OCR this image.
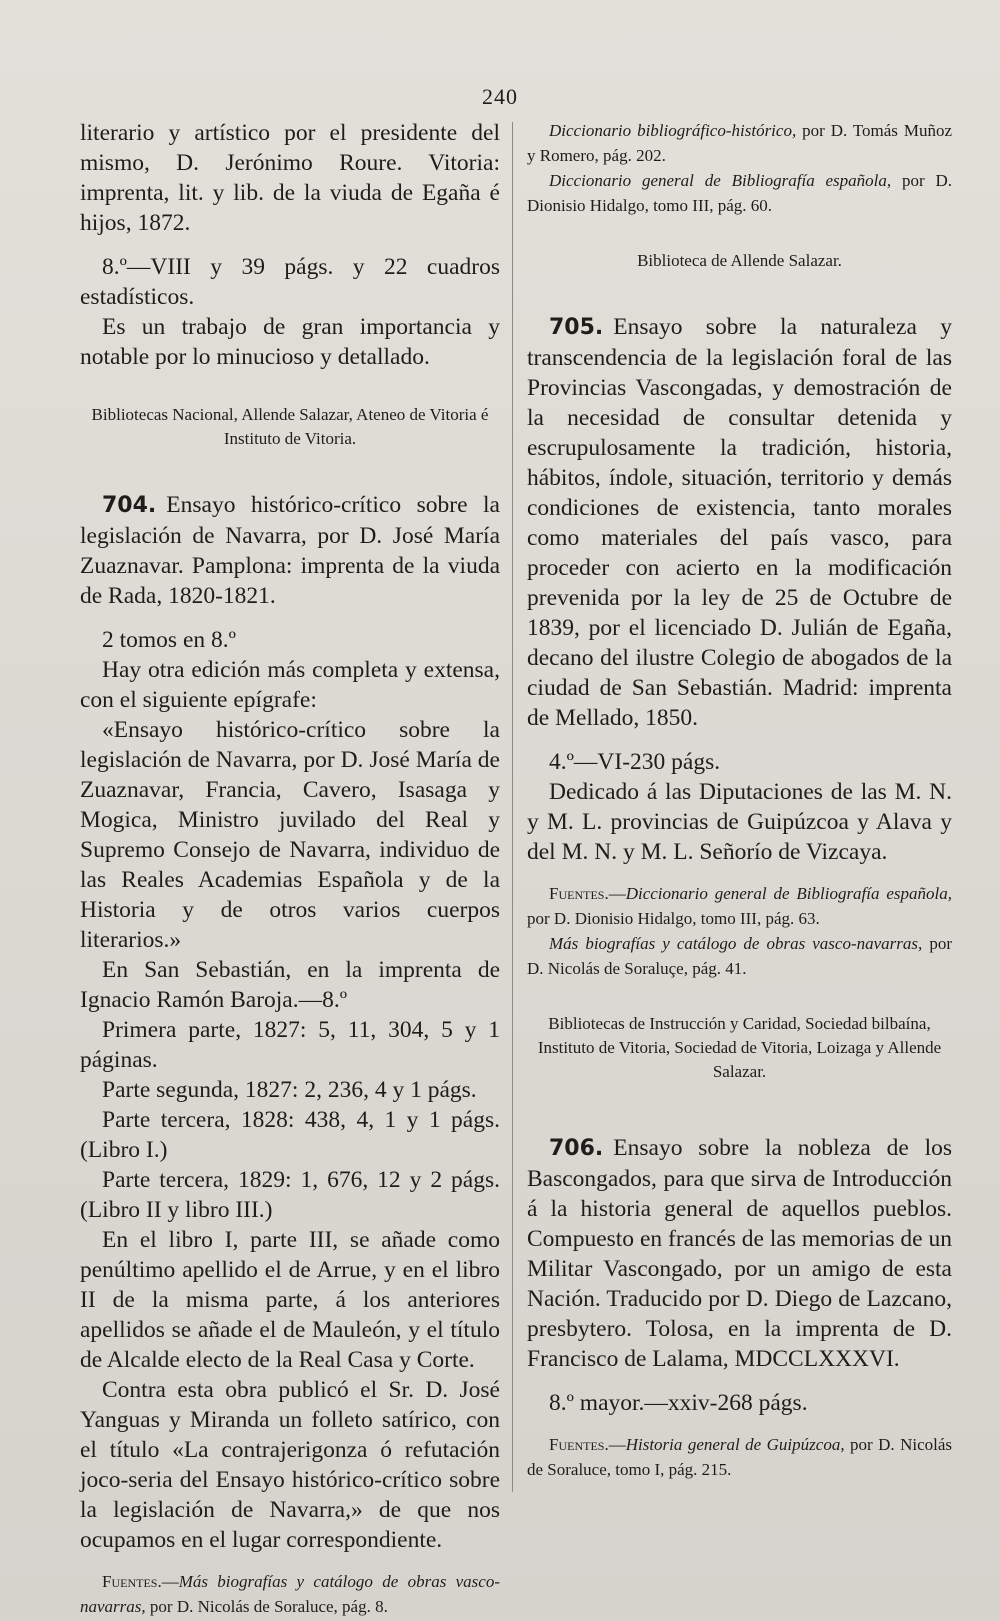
240

literario y artístico por el presidente del mismo, D. Jerónimo Roure. Vitoria: imprenta, lit. y lib. de la viuda de Egaña é hijos, 1872.

8.º—VIII y 39 págs. y 22 cuadros estadísticos.

Es un trabajo de gran importancia y notable por lo minucioso y detallado.

Bibliotecas Nacional, Allende Salazar, Ateneo de Vitoria é Instituto de Vitoria.

704. Ensayo histórico-crítico sobre la legislación de Navarra, por D. José María Zuaznavar. Pamplona: imprenta de la viuda de Rada, 1820-1821.

2 tomos en 8.º

Hay otra edición más completa y extensa, con el siguiente epígrafe:

«Ensayo histórico-crítico sobre la legislación de Navarra, por D. José María de Zuaznavar, Francia, Cavero, Isasaga y Mogica, Ministro juvilado del Real y Supremo Consejo de Navarra, individuo de las Reales Academias Española y de la Historia y de otros varios cuerpos literarios.»

En San Sebastián, en la imprenta de Ignacio Ramón Baroja.—8.º

Primera parte, 1827: 5, 11, 304, 5 y 1 páginas.

Parte segunda, 1827: 2, 236, 4 y 1 págs.

Parte tercera, 1828: 438, 4, 1 y 1 págs. (Libro I.)

Parte tercera, 1829: 1, 676, 12 y 2 págs. (Libro II y libro III.)

En el libro I, parte III, se añade como penúltimo apellido el de Arrue, y en el libro II de la misma parte, á los anteriores apellidos se añade el de Mauleón, y el título de Alcalde electo de la Real Casa y Corte.

Contra esta obra publicó el Sr. D. José Yanguas y Miranda un folleto satírico, con el título «La contrajerigonza ó refutación joco-seria del Ensayo histórico-crítico sobre la legislación de Navarra,» de que nos ocupamos en el lugar correspondiente.

Fuentes.—Más biografías y catálogo de obras vasco-navarras, por D. Nicolás de Soraluce, pág. 8.

Diccionario bibliográfico-histórico, por D. Tomás Muñoz y Romero, pág. 202.

Diccionario general de Bibliografía española, por D. Dionisio Hidalgo, tomo III, pág. 60.

Biblioteca de Allende Salazar.

705. Ensayo sobre la naturaleza y transcendencia de la legislación foral de las Provincias Vascongadas, y demostración de la necesidad de consultar detenida y escrupulosamente la tradición, historia, hábitos, índole, situación, territorio y demás condiciones de existencia, tanto morales como materiales del país vasco, para proceder con acierto en la modificación prevenida por la ley de 25 de Octubre de 1839, por el licenciado D. Julián de Egaña, decano del ilustre Colegio de abogados de la ciudad de San Sebastián. Madrid: imprenta de Mellado, 1850.

4.º—VI-230 págs.

Dedicado á las Diputaciones de las M. N. y M. L. provincias de Guipúzcoa y Alava y del M. N. y M. L. Señorío de Vizcaya.

Fuentes.—Diccionario general de Bibliografía española, por D. Dionisio Hidalgo, tomo III, pág. 63.

Más biografías y catálogo de obras vasco-navarras, por D. Nicolás de Soraluçe, pág. 41.

Bibliotecas de Instrucción y Caridad, Sociedad bilbaína, Instituto de Vitoria, Sociedad de Vitoria, Loizaga y Allende Salazar.

706. Ensayo sobre la nobleza de los Bascongados, para que sirva de Introducción á la historia general de aquellos pueblos. Compuesto en francés de las memorias de un Militar Vascongado, por un amigo de esta Nación. Traducido por D. Diego de Lazcano, presbytero. Tolosa, en la imprenta de D. Francisco de Lalama, MDCCLXXXVI.

8.º mayor.—xxiv-268 págs.

Fuentes.—Historia general de Guipúzcoa, por D. Nicolás de Soraluce, tomo I, pág. 215.
